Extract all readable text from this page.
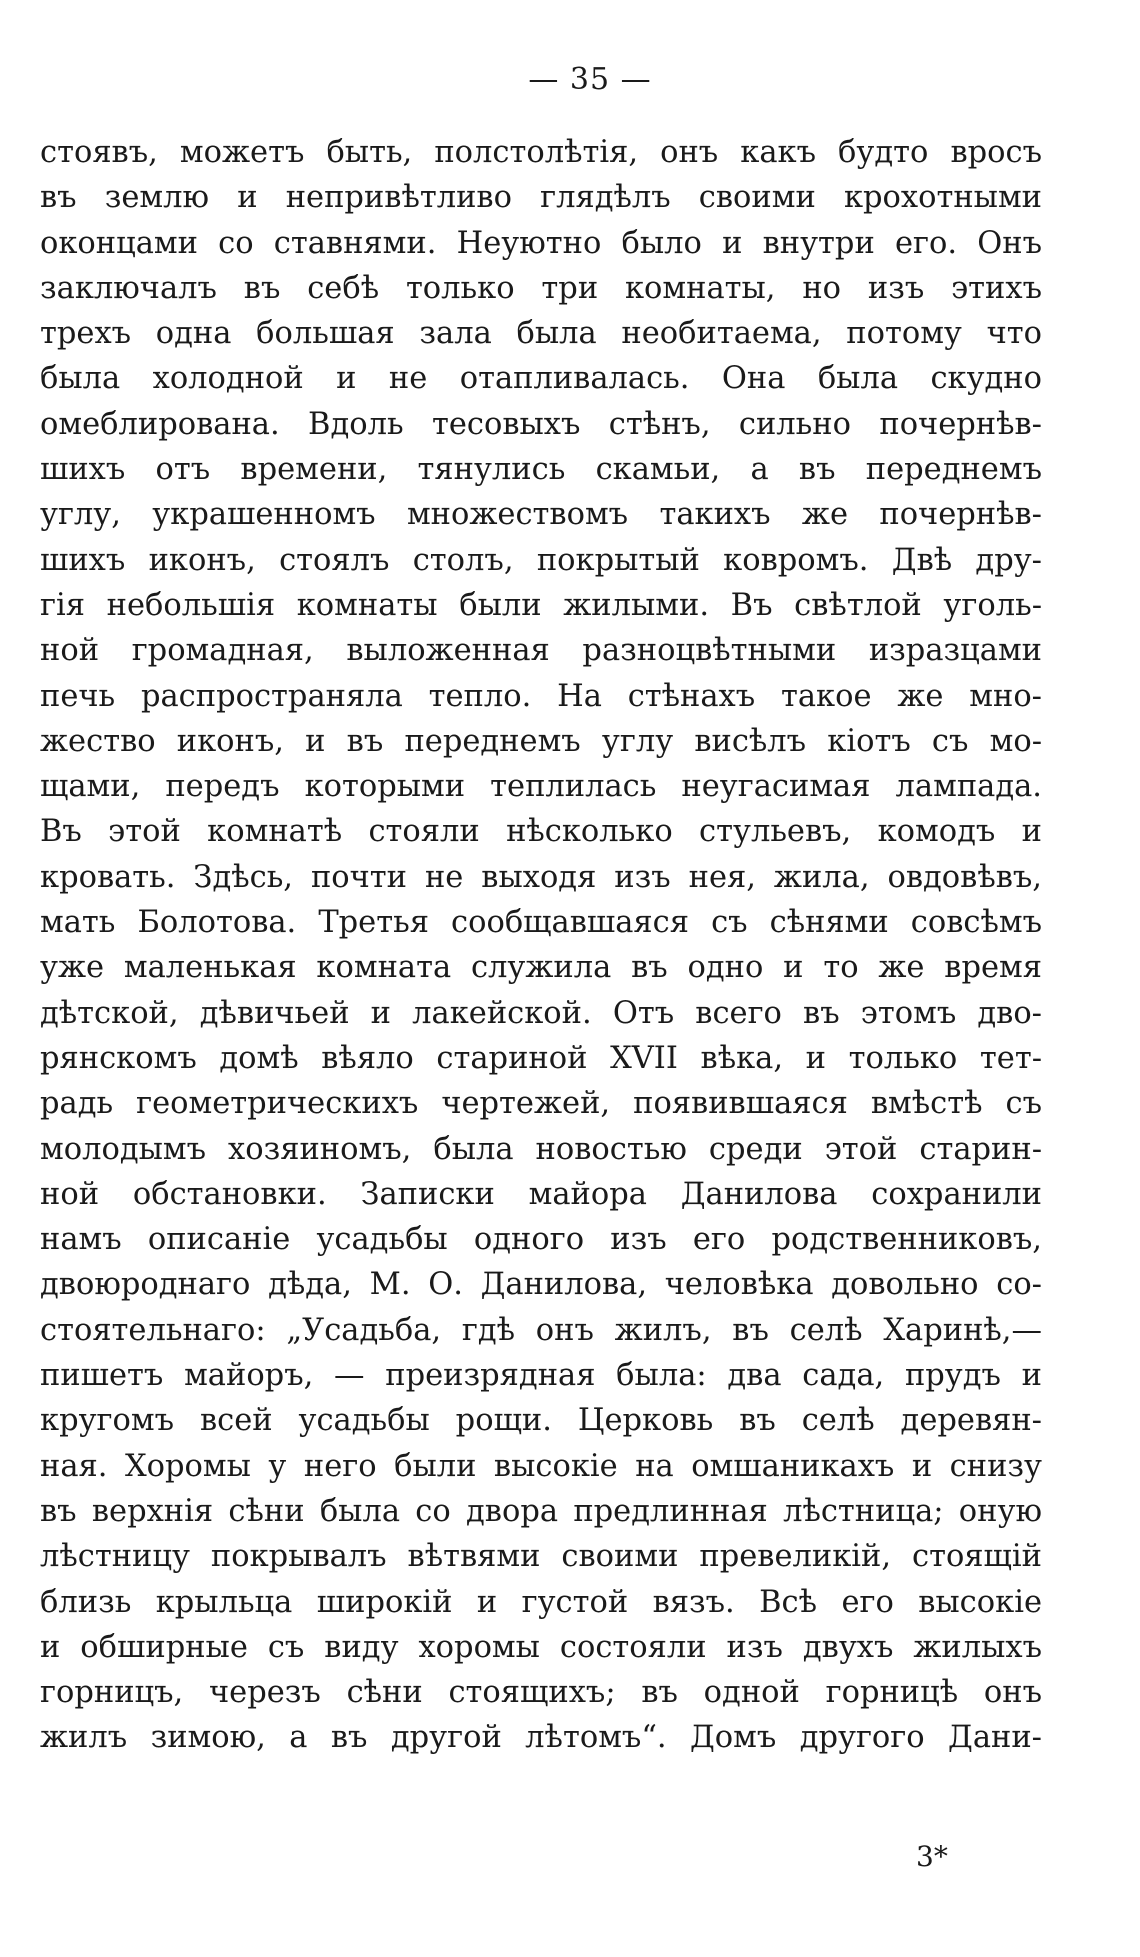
— 35 —
стоявъ, можетъ быть, полстолѣтія, онъ какъ будто вросъ
въ землю и непривѣтливо глядѣлъ своими крохотными
оконцами со ставнями. Неуютно было и внутри его. Онъ
заключалъ въ себѣ только три комнаты, но изъ этихъ
трехъ одна большая зала была необитаема, потому что
была холодной и не отапливалась. Она была скудно
омеблирована. Вдоль тесовыхъ стѣнъ, сильно почернѣв-
шихъ отъ времени, тянулись скамьи, а въ переднемъ
углу, украшенномъ множествомъ такихъ же почернѣв-
шихъ иконъ, стоялъ столъ, покрытый ковромъ. Двѣ дру-
гія небольшія комнаты были жилыми. Въ свѣтлой уголь-
ной громадная, выложенная разноцвѣтными изразцами
печь распространяла тепло. На стѣнахъ такое же мно-
жество иконъ, и въ переднемъ углу висѣлъ кіотъ съ мо-
щами, передъ которыми теплилась неугасимая лампада.
Въ этой комнатѣ стояли нѣсколько стульевъ, комодъ и
кровать. Здѣсь, почти не выходя изъ нея, жила, овдовѣвъ,
мать Болотова. Третья сообщавшаяся съ сѣнями совсѣмъ
уже маленькая комната служила въ одно и то же время
дѣтской, дѣвичьей и лакейской. Отъ всего въ этомъ дво-
рянскомъ домѣ вѣяло стариной XVII вѣка, и только тет-
радь геометрическихъ чертежей, появившаяся вмѣстѣ съ
молодымъ хозяиномъ, была новостью среди этой старин-
ной обстановки. Записки майора Данилова сохранили
намъ описаніе усадьбы одного изъ его родственниковъ,
двоюроднаго дѣда, М. О. Данилова, человѣка довольно со-
стоятельнаго: „Усадьба, гдѣ онъ жилъ, въ селѣ Харинѣ,—
пишетъ майоръ, — преизрядная была: два сада, прудъ и
кругомъ всей усадьбы рощи. Церковь въ селѣ деревян-
ная. Хоромы у него были высокіе на омшаникахъ и снизу
въ верхнія сѣни была со двора предлинная лѣстница; оную
лѣстницу покрывалъ вѣтвями своими превеликій, стоящій
близь крыльца широкій и густой вязъ. Всѣ его высокіе
и обширные съ виду хоромы состояли изъ двухъ жилыхъ
горницъ, черезъ сѣни стоящихъ; въ одной горницѣ онъ
жилъ зимою, а въ другой лѣтомъ“. Домъ другого Дани-
3*
